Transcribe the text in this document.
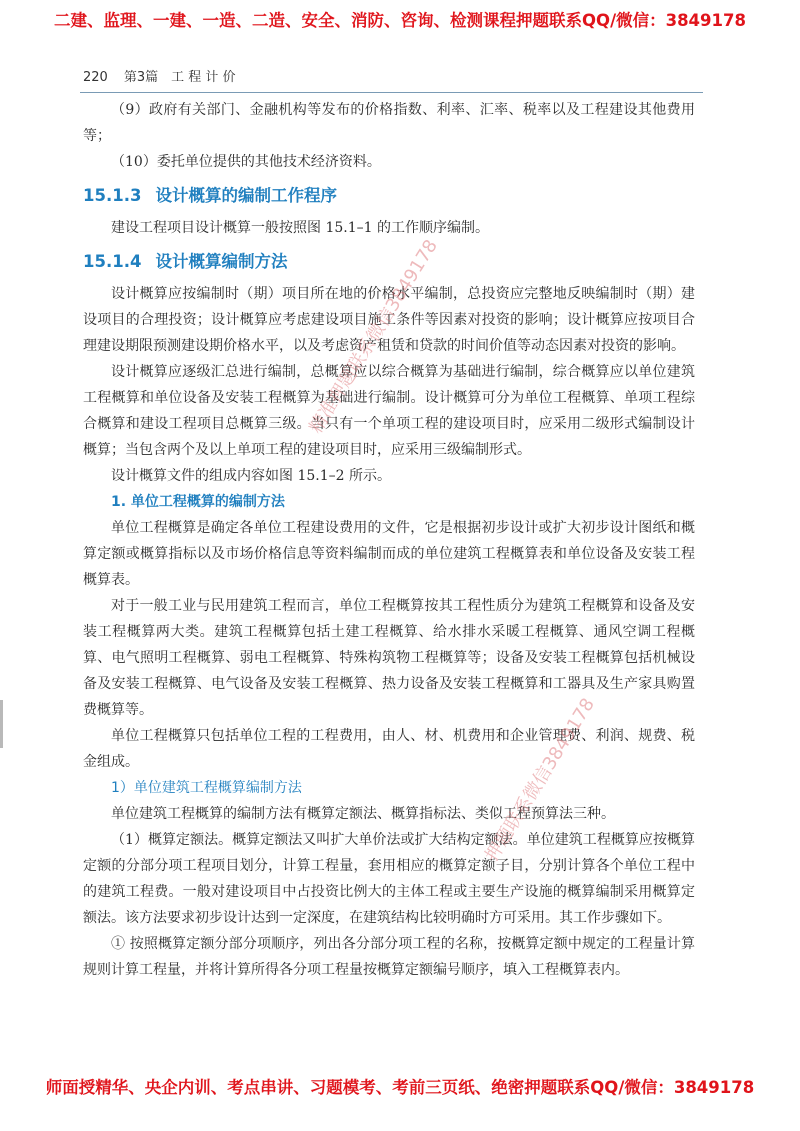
二建、监理、一建、一造、二造、安全、消防、咨询、检测课程押题联系QQ/微信：3849178
220 第3篇　工 程 计 价

（9）政府有关部门、金融机构等发布的价格指数、利率、汇率、税率以及工程建设其他费用等；

（10）委托单位提供的其他技术经济资料。

15.1.3 设计概算的编制工作程序

建设工程项目设计概算一般按照图 15.1–1 的工作顺序编制。

15.1.4 设计概算编制方法

设计概算应按编制时（期）项目所在地的价格水平编制，总投资应完整地反映编制时（期）建设项目的合理投资；设计概算应考虑建设项目施工条件等因素对投资的影响；设计概算应按项目合理建设期限预测建设期价格水平，以及考虑资产租赁和贷款的时间价值等动态因素对投资的影响。

设计概算应逐级汇总进行编制，总概算应以综合概算为基础进行编制，综合概算应以单位建筑工程概算和单位设备及安装工程概算为基础进行编制。设计概算可分为单位工程概算、单项工程综合概算和建设工程项目总概算三级。当只有一个单项工程的建设项目时，应采用二级形式编制设计概算；当包含两个及以上单项工程的建设项目时，应采用三级编制形式。

设计概算文件的组成内容如图 15.1–2 所示。

1. 单位工程概算的编制方法

单位工程概算是确定各单位工程建设费用的文件，它是根据初步设计或扩大初步设计图纸和概算定额或概算指标以及市场价格信息等资料编制而成的单位建筑工程概算表和单位设备及安装工程概算表。

对于一般工业与民用建筑工程而言，单位工程概算按其工程性质分为建筑工程概算和设备及安装工程概算两大类。建筑工程概算包括土建工程概算、给水排水采暖工程概算、通风空调工程概算、电气照明工程概算、弱电工程概算、特殊构筑物工程概算等；设备及安装工程概算包括机械设备及安装工程概算、电气设备及安装工程概算、热力设备及安装工程概算和工器具及生产家具购置费概算等。

单位工程概算只包括单位工程的工程费用，由人、材、机费用和企业管理费、利润、规费、税金组成。

1）单位建筑工程概算编制方法

单位建筑工程概算的编制方法有概算定额法、概算指标法、类似工程预算法三种。

（1）概算定额法。概算定额法又叫扩大单价法或扩大结构定额法。单位建筑工程概算应按概算定额的分部分项工程项目划分，计算工程量，套用相应的概算定额子目，分别计算各个单位工程中的建筑工程费。一般对建设项目中占投资比例大的主体工程或主要生产设施的概算编制采用概算定额法。该方法要求初步设计达到一定深度，在建筑结构比较明确时方可采用。其工作步骤如下。

① 按照概算定额分部分项顺序，列出各分部分项工程的名称，按概算定额中规定的工程量计算规则计算工程量，并将计算所得各分项工程量按概算定额编号顺序，填入工程概算表内。

精准押题联系微信3849178
押题联系微信3849178
师面授精华、央企内训、考点串讲、习题模考、考前三页纸、绝密押题联系QQ/微信：3849178
